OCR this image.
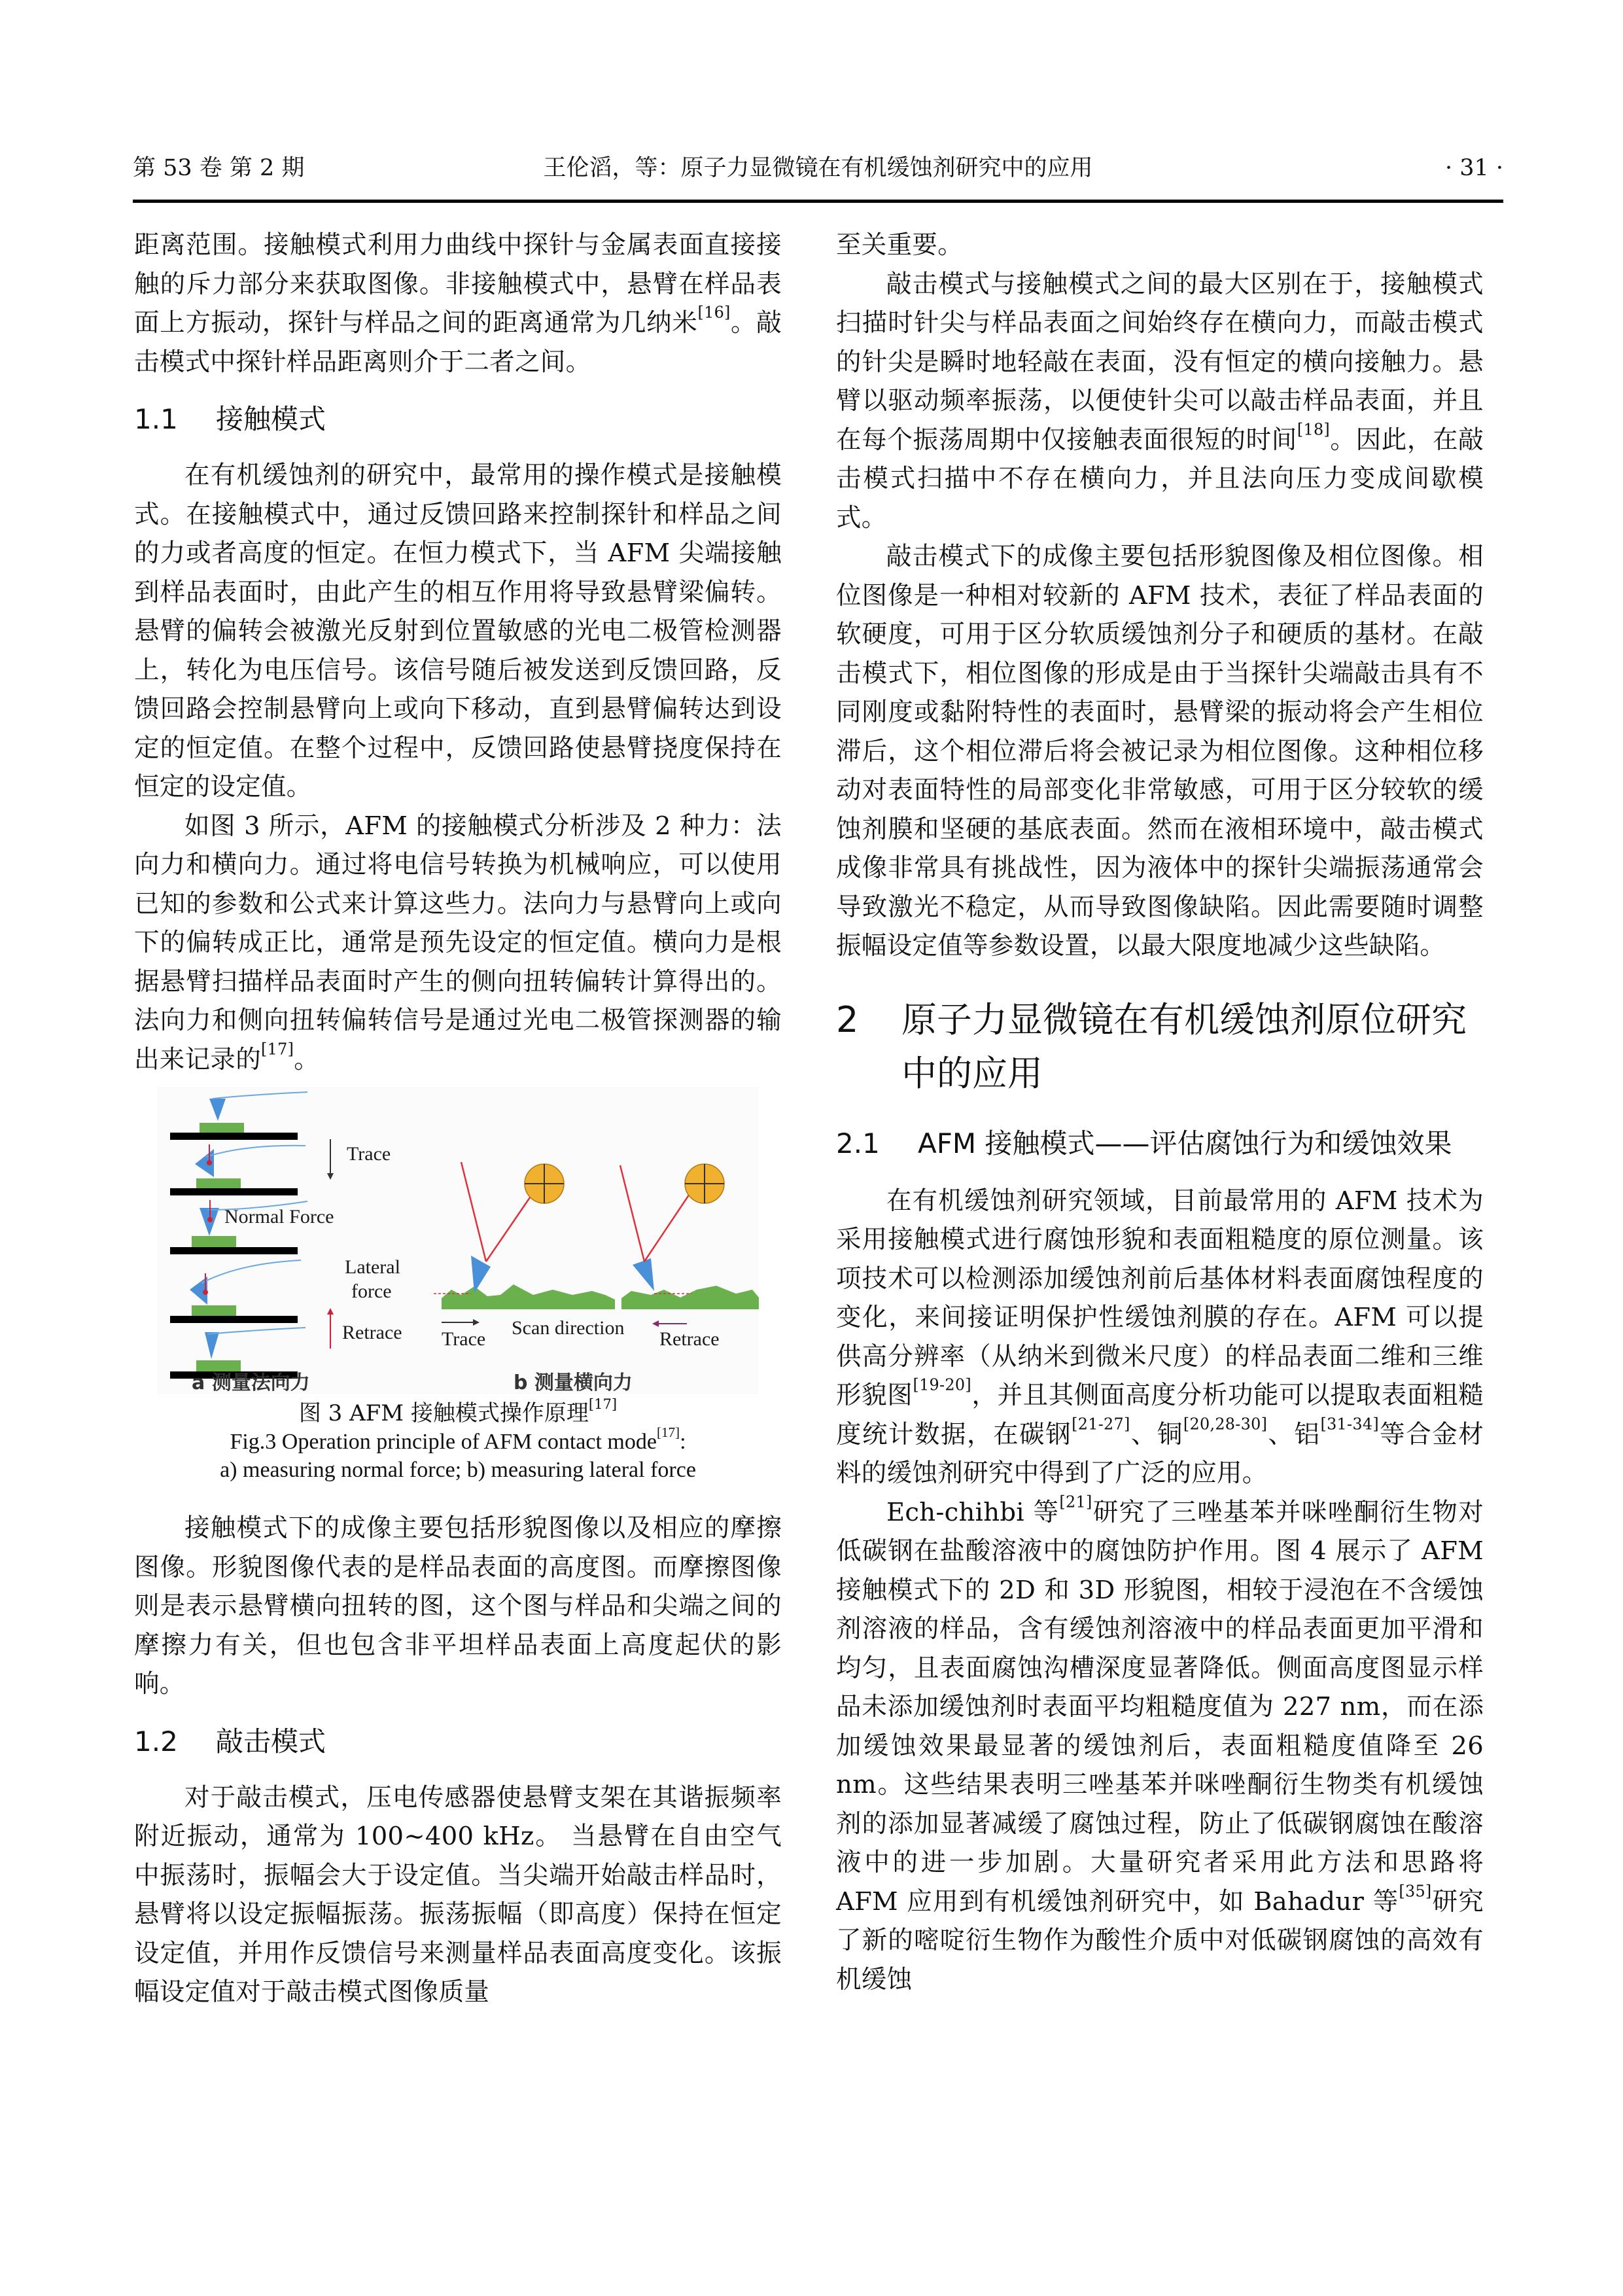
第 53 卷 第 2 期	王伦滔，等：原子力显微镜在有机缓蚀剂研究中的应用	· 31 ·

距离范围。接触模式利用力曲线中探针与金属表面直接接触的斥力部分来获取图像。非接触模式中，悬臂在样品表面上方振动，探针与样品之间的距离通常为几纳米[16]。敲击模式中探针样品距离则介于二者之间。

1.1 接触模式

在有机缓蚀剂的研究中，最常用的操作模式是接触模式。在接触模式中，通过反馈回路来控制探针和样品之间的力或者高度的恒定。在恒力模式下，当 AFM 尖端接触到样品表面时，由此产生的相互作用将导致悬臂梁偏转。悬臂的偏转会被激光反射到位置敏感的光电二极管检测器上，转化为电压信号。该信号随后被发送到反馈回路，反馈回路会控制悬臂向上或向下移动，直到悬臂偏转达到设定的恒定值。在整个过程中，反馈回路使悬臂挠度保持在恒定的设定值。

如图 3 所示，AFM 的接触模式分析涉及 2 种力：法向力和横向力。通过将电信号转换为机械响应，可以使用已知的参数和公式来计算这些力。法向力与悬臂向上或向下的偏转成正比，通常是预先设定的恒定值。横向力是根据悬臂扫描样品表面时产生的侧向扭转偏转计算得出的。法向力和侧向扭转偏转信号是通过光电二极管探测器的输出来记录的[17]。

Trace
Normal Force
Retrace
Lateral
force
Trace
Scan direction
Retrace
a 测量法向力	b 测量横向力
图 3 AFM 接触模式操作原理[17]
Fig.3 Operation principle of AFM contact mode[17]:
a) measuring normal force; b) measuring lateral force

接触模式下的成像主要包括形貌图像以及相应的摩擦图像。形貌图像代表的是样品表面的高度图。而摩擦图像则是表示悬臂横向扭转的图，这个图与样品和尖端之间的摩擦力有关，但也包含非平坦样品表面上高度起伏的影响。

1.2 敲击模式

对于敲击模式，压电传感器使悬臂支架在其谐振频率附近振动，通常为 100~400 kHz。 当悬臂在自由空气中振荡时，振幅会大于设定值。当尖端开始敲击样品时，悬臂将以设定振幅振荡。振荡振幅（即高度）保持在恒定设定值，并用作反馈信号来测量样品表面高度变化。该振幅设定值对于敲击模式图像质量

至关重要。

敲击模式与接触模式之间的最大区别在于，接触模式扫描时针尖与样品表面之间始终存在横向力，而敲击模式的针尖是瞬时地轻敲在表面，没有恒定的横向接触力。悬臂以驱动频率振荡，以便使针尖可以敲击样品表面，并且在每个振荡周期中仅接触表面很短的时间[18]。因此，在敲击模式扫描中不存在横向力，并且法向压力变成间歇模式。

敲击模式下的成像主要包括形貌图像及相位图像。相位图像是一种相对较新的 AFM 技术，表征了样品表面的软硬度，可用于区分软质缓蚀剂分子和硬质的基材。在敲击模式下，相位图像的形成是由于当探针尖端敲击具有不同刚度或黏附特性的表面时，悬臂梁的振动将会产生相位滞后，这个相位滞后将会被记录为相位图像。这种相位移动对表面特性的局部变化非常敏感，可用于区分较软的缓蚀剂膜和坚硬的基底表面。然而在液相环境中，敲击模式成像非常具有挑战性，因为液体中的探针尖端振荡通常会导致激光不稳定，从而导致图像缺陷。因此需要随时调整振幅设定值等参数设置，以最大限度地减少这些缺陷。

2 原子力显微镜在有机缓蚀剂原位研究中的应用
2.1 AFM 接触模式——评估腐蚀行为和缓蚀效果

在有机缓蚀剂研究领域，目前最常用的 AFM 技术为采用接触模式进行腐蚀形貌和表面粗糙度的原位测量。该项技术可以检测添加缓蚀剂前后基体材料表面腐蚀程度的变化，来间接证明保护性缓蚀剂膜的存在。AFM 可以提供高分辨率（从纳米到微米尺度）的样品表面二维和三维形貌图[19-20]，并且其侧面高度分析功能可以提取表面粗糙度统计数据，在碳钢[21-27]、铜[20,28-30]、铝[31-34]等合金材料的缓蚀剂研究中得到了广泛的应用。

Ech-chihbi 等[21]研究了三唑基苯并咪唑酮衍生物对低碳钢在盐酸溶液中的腐蚀防护作用。图 4 展示了 AFM 接触模式下的 2D 和 3D 形貌图，相较于浸泡在不含缓蚀剂溶液的样品，含有缓蚀剂溶液中的样品表面更加平滑和均匀，且表面腐蚀沟槽深度显著降低。侧面高度图显示样品未添加缓蚀剂时表面平均粗糙度值为 227 nm，而在添加缓蚀效果最显著的缓蚀剂后，表面粗糙度值降至 26 nm。这些结果表明三唑基苯并咪唑酮衍生物类有机缓蚀剂的添加显著减缓了腐蚀过程，防止了低碳钢腐蚀在酸溶液中的进一步加剧。大量研究者采用此方法和思路将 AFM 应用到有机缓蚀剂研究中，如 Bahadur 等[35]研究了新的嘧啶衍生物作为酸性介质中对低碳钢腐蚀的高效有机缓蚀
